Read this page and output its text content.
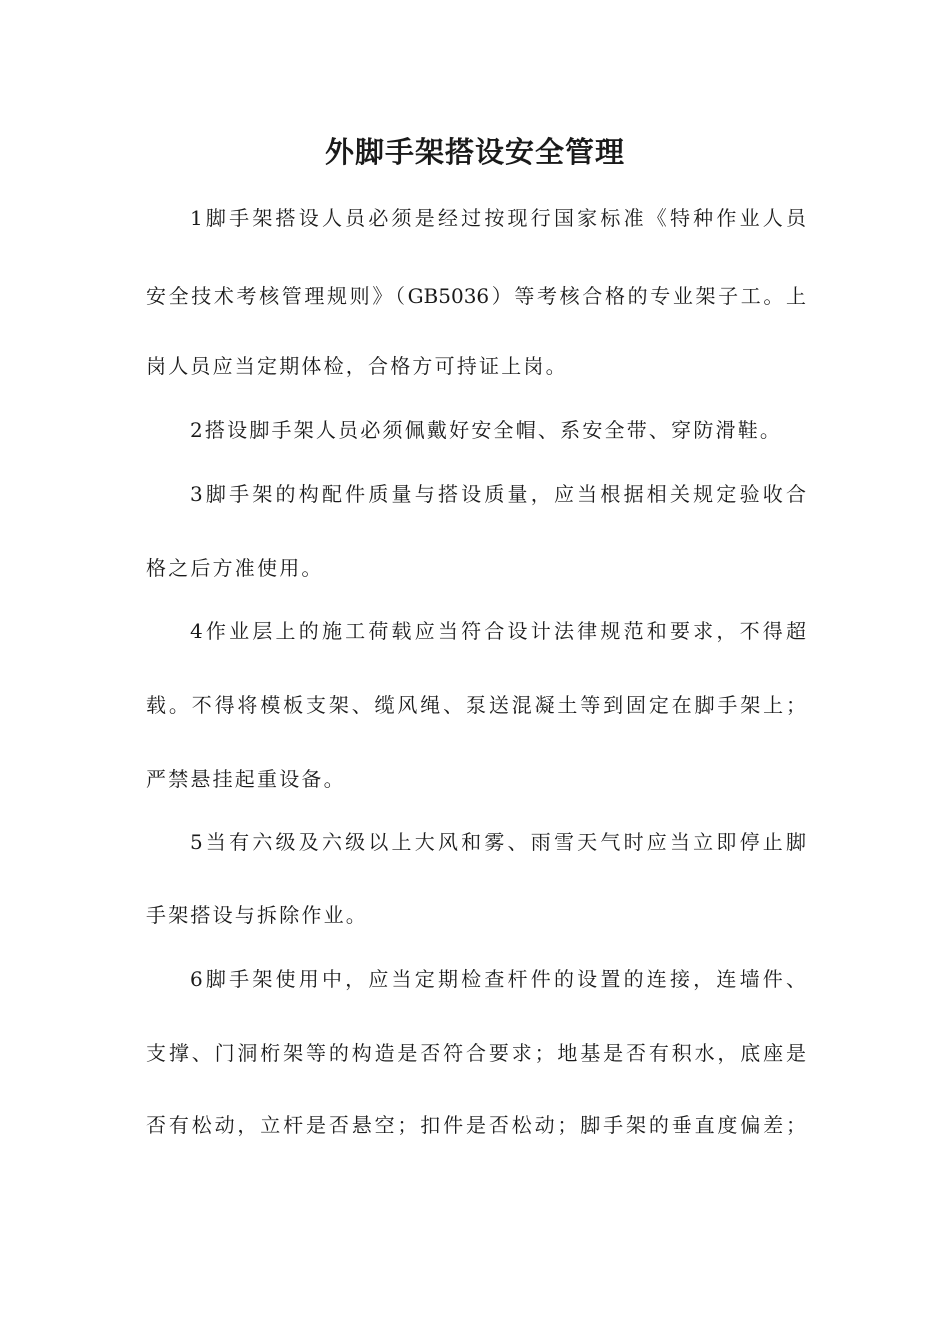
外脚手架搭设安全管理

1脚手架搭设人员必须是经过按现行国家标准《特种作业人员

安全技术考核管理规则》（GB5036）等考核合格的专业架子工。上

岗人员应当定期体检，合格方可持证上岗。

2搭设脚手架人员必须佩戴好安全帽、系安全带、穿防滑鞋。

3脚手架的构配件质量与搭设质量，应当根据相关规定验收合

格之后方准使用。

4作业层上的施工荷载应当符合设计法律规范和要求，不得超

载。不得将模板支架、缆风绳、泵送混凝土等到固定在脚手架上；

严禁悬挂起重设备。

5当有六级及六级以上大风和雾、雨雪天气时应当立即停止脚

手架搭设与拆除作业。

6脚手架使用中，应当定期检查杆件的设置的连接，连墙件、

支撑、门洞桁架等的构造是否符合要求；地基是否有积水，底座是

否有松动，立杆是否悬空；扣件是否松动；脚手架的垂直度偏差；
